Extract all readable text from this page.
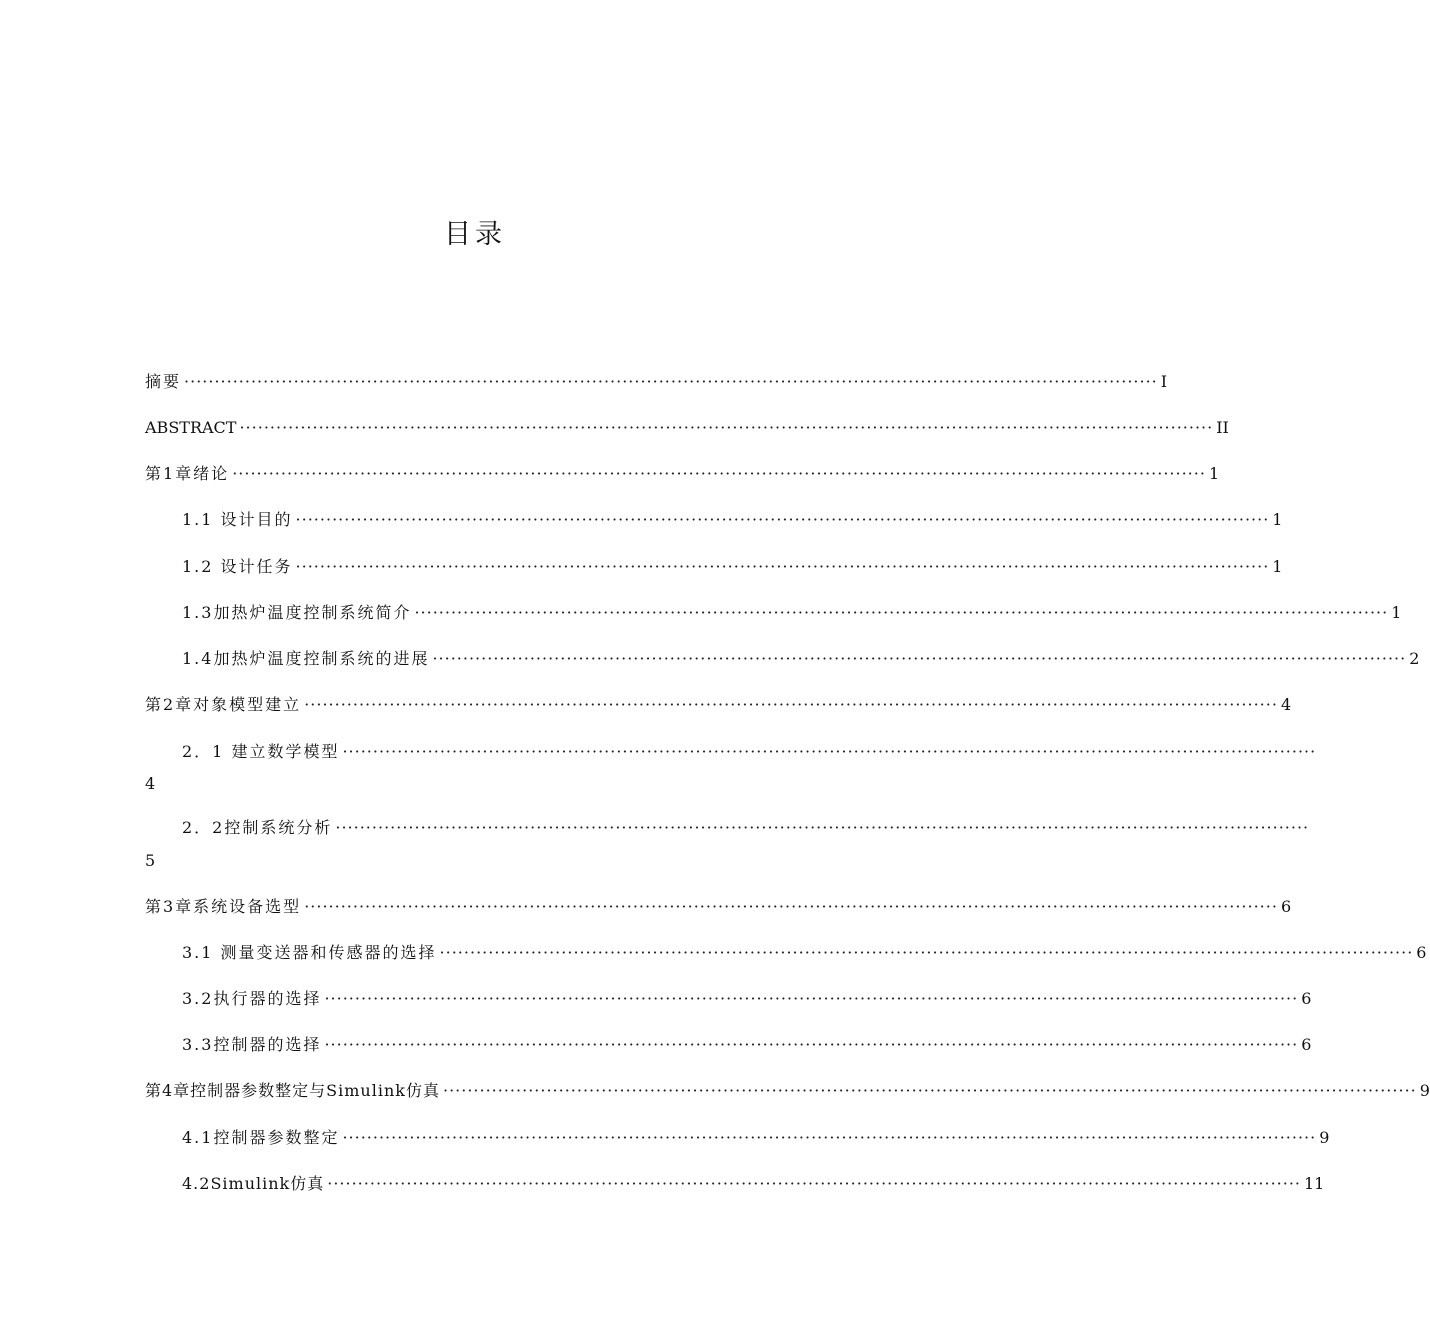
目录
摘要 ································································································································································ I
ABSTRACT ································································································································································ II
第1章绪论 ································································································································································ 1
1.1 设计目的 ································································································································································ 1
1.2 设计任务 ································································································································································ 1
1.3加热炉温度控制系统简介 ································································································································································ 1
1.4加热炉温度控制系统的进展 ································································································································································ 2
第2章对象模型建立 ································································································································································ 4
2．1 建立数学模型 ································································································································································
4
2．2控制系统分析 ································································································································································
5
第3章系统设备选型 ································································································································································ 6
3.1 测量变送器和传感器的选择 ································································································································································ 6
3.2执行器的选择 ································································································································································ 6
3.3控制器的选择 ································································································································································ 6
第4章控制器参数整定与Simulink仿真 ································································································································································ 9
4.1控制器参数整定 ································································································································································ 9
4.2Simulink仿真 ································································································································································ 11
